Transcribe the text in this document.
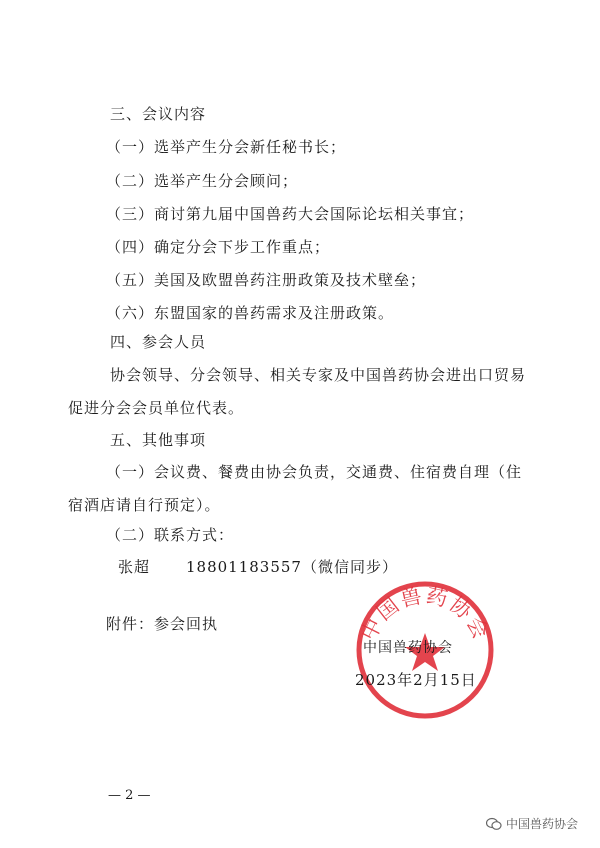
三、会议内容
（一）选举产生分会新任秘书长；
（二）选举产生分会顾问；
（三）商讨第九届中国兽药大会国际论坛相关事宜；
（四）确定分会下步工作重点；
（五）美国及欧盟兽药注册政策及技术壁垒；
（六）东盟国家的兽药需求及注册政策。
四、参会人员
协会领导、分会领导、相关专家及中国兽药协会进出口贸易
促进分会会员单位代表。
五、其他事项
（一）会议费、餐费由协会负责，交通费、住宿费自理（住
宿酒店请自行预定）。
（二）联系方式：
张超 18801183557（微信同步）
附件：参会回执	中国兽药协会
中国兽药协会
2023年2月15日
— 2 —
中国兽药协会
